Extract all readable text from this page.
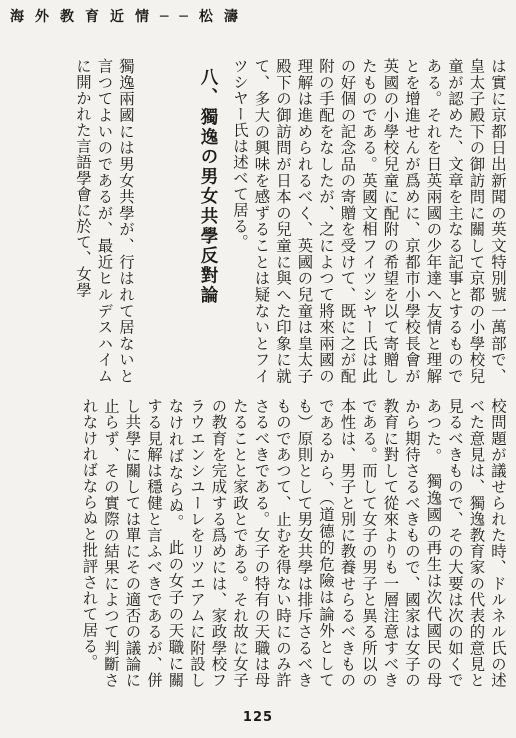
海外教育近情──松濤

は實に京都日出新聞の英文特別號一萬部で、皇太子殿下の御訪問に關して京都の小學校兒童が認めた、文章を主なる記事とするものである。それを日英兩國の少年達へ友情と理解とを增進せんが爲めに、京都市小學校長會が英國の小學校兒童に配附の希望を以て寄贈したものである。英國文相フイツシヤー氏は此の好個の記念品の寄贈を受けて、既に之が配附の手配をなしたが、之によつて將來兩國の理解は進められるべく、英國の兒童は皇太子殿下の御訪問が日本の兒童に與へた印象に就て、多大の興味を感ずることは疑ないとフイツシヤー氏は述べて居る。

八、獨逸の男女共學反對論

獨逸兩國には男女共學が、行はれて居ないと言つてよいのであるが、最近ヒルデスハイムに開かれた言語學會に於て、女學

校問題が議せられた時、ドルネル氏の述べた意見は、獨逸教育家の代表的意見と見るべきもので、その大要は次の如くであつた。　獨逸國の再生は次代國民の母から期待さるべきもので、國家は女子の教育に對して從來よりも一層注意すべきである。而して女子の男子と異る所以の本性は、男子と別に教養せらるべきものであるから、（道德的危險は論外としても）原則として男女共學は排斥さるべきものであつて、止むを得ない時にのみ許さるべきである。女子の特有の天職は母たることと家政とである。それ故に女子の教育を完成する爲めには、家政學校フラウエンシユーレをリツエアムに附設しなければならぬ。　此の女子の天職に關する見解は穩健と言ふべきであるが、併し共學に關しては單にその適否の議論に止らず、その實際の結果によつて判斷されなければならぬと批評されて居る。

125
